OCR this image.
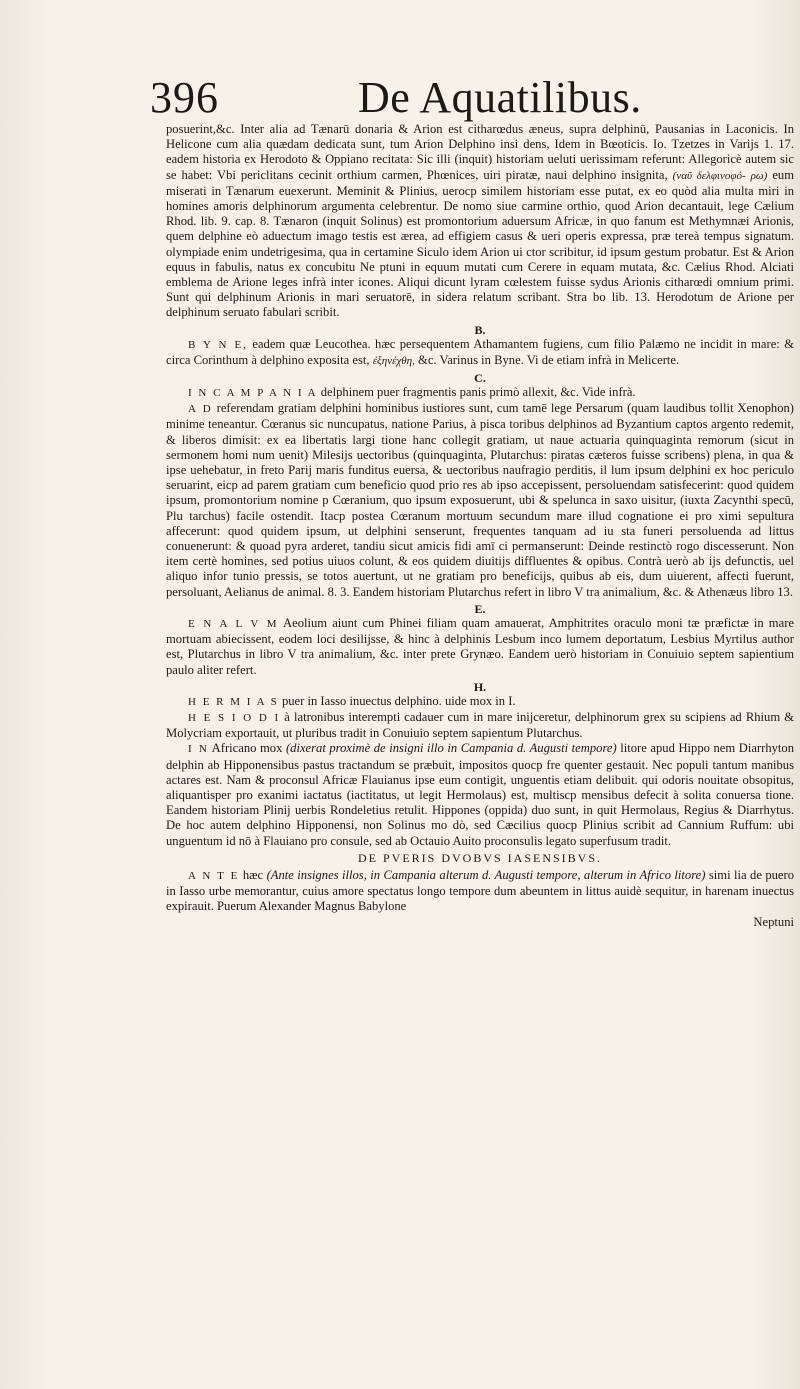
396	De Aquatilibus.

posuerint,&c. Inter alia ad Tænarū donaria & Arion est citharœdus æneus, supra delphinū, Pausanias in Laconicis. In Helicone cum alia quædam dedicata sunt, tum Arion Delphino insi dens, Idem in Bœoticis. Io. Tzetzes in Varijs 1. 17. eadem historia ex Herodoto & Oppiano recitata: Sic illi (inquit) historiam ueluti uerissimam referunt: Allegoricè autem sic se habet: Vbi periclitans cecinit orthium carmen, Phœnices, uiri piratæ, naui delphino insignita, (ναῦ δελφινοφό- ρω) eum miserati in Tænarum euexerunt. Meminit & Plinius, uerocp similem historiam esse putat, ex eo quòd alia multa miri in homines amoris delphinorum argumenta celebrentur. De nomo siue carmine orthio, quod Arion decantauit, lege Cælium Rhod. lib. 9. cap. 8. Tænaron (inquit Solinus) est promontorium aduersum Africæ, in quo fanum est Methymnæi Arionis, quem delphine eò aduectum imago testis est ærea, ad effigiem casus & ueri operis expressa, præ tereà tempus signatum. olympiade enim undetrigesima, qua in certamine Siculo idem Arion ui ctor scribitur, id ipsum gestum probatur. Est & Arion equus in fabulis, natus ex concubitu Ne ptuni in equum mutati cum Cerere in equam mutata, &c. Cælius Rhod. Alciati emblema de Arione leges infrà inter icones. Aliqui dicunt lyram cœlestem fuisse sydus Arionis citharœdi omnium primi. Sunt qui delphinum Arionis in mari seruatorē, in sidera relatum scribant. Stra bo lib. 13. Herodotum de Arione per delphinum seruato fabulari scribit.

B.

B Y N E, eadem quæ Leucothea. hæc persequentem Athamantem fugiens, cum filio Palæmo ne incidit in mare: & circa Corinthum à delphino exposita est, ἐξηνέχθη, &c. Varinus in Byne. Vi de etiam infrà in Melicerte.

C.

I N C A M P A N I A delphinem puer fragmentis panis primò allexit, &c. Vide infrà.

A D referendam gratiam delphini hominibus iustiores sunt, cum tamē lege Persarum (quam laudibus tollit Xenophon) minime teneantur. Cœranus sic nuncupatus, natione Parius, à pisca toribus delphinos ad Byzantium captos argento redemit, & liberos dimisit: ex ea libertatis largi tione hanc collegit gratiam, ut naue actuaria quinquaginta remorum (sicut in sermonem homi num uenit) Milesijs uectoribus (quinquaginta, Plutarchus: piratas cæteros fuisse scribens) plena, in qua & ipse uehebatur, in freto Parij maris funditus euersa, & uectoribus naufragio perditis, il lum ipsum delphini ex hoc periculo seruarint, eicp ad parem gratiam cum beneficio quod prio res ab ipso accepissent, persoluendam satisfecerint: quod quidem ipsum, promontorium nomine p Cœranium, quo ipsum exposuerunt, ubi & spelunca in saxo uisitur, (iuxta Zacynthi specū, Plu tarchus) facile ostendit. Itacp postea Cœranum mortuum secundum mare illud cognatione ei pro ximi sepultura affecerunt: quod quidem ipsum, ut delphini senserunt, frequentes tanquam ad iu sta funeri persoluenda ad littus conuenerunt: & quoad pyra arderet, tandiu sicut amicis fidi amī ci permanserunt: Deinde restinctò rogo discesserunt. Non item certè homines, sed potius uiuos colunt, & eos quidem diuitijs diffluentes & opibus. Contrà uerò ab ijs defunctis, uel aliquo infor tunio pressis, se totos auertunt, ut ne gratiam pro beneficijs, quibus ab eis, dum uiuerent, affecti fuerunt, persoluant, Aelianus de animal. 8. 3. Eandem historiam Plutarchus refert in libro V tra animalium, &c. & Athenæus libro 13.

E.

E N A L V M Aeolium aiunt cum Phinei filiam quam amauerat, Amphitrites oraculo moni tæ præfictæ in mare mortuam abiecissent, eodem loci desilijsse, & hinc à delphinis Lesbum inco lumem deportatum, Lesbius Myrtilus author est, Plutarchus in libro V tra animalium, &c. inter prete Grynæo. Eandem uerò historiam in Conuiuio septem sapientium paulo aliter refert.

H.

H E R M I A S puer in Iasso inuectus delphino. uide mox in I.

H E S I O D I à latronibus interempti cadauer cum in mare inijceretur, delphinorum grex su scipiens ad Rhium & Molycriam exportauit, ut pluribus tradit in Conuiuio septem sapientum Plutarchus.

I N Africano mox (dixerat proximè de insigni illo in Campania d. Augusti tempore) litore apud Hippo nem Diarrhyton delphin ab Hipponensibus pastus tractandum se præbuit, impositos quocp fre quenter gestauit. Nec populi tantum manibus actares est. Nam & proconsul Africæ Flauianus ipse eum contigit, unguentis etiam delibuit. qui odoris nouitate obsopitus, aliquantisper pro exanimi iactatus (iactitatus, ut legit Hermolaus) est, multiscp mensibus defecit à solita conuersa tione. Eandem historiam Plinij uerbis Rondeletius retulit. Hippones (oppida) duo sunt, in quit Hermolaus, Regius & Diarrhytus. De hoc autem delphino Hipponensi, non Solinus mo dò, sed Cæcilius quocp Plinius scribit ad Cannium Ruffum: ubi unguentum id nō à Flauiano pro consule, sed ab Octauio Auito proconsulis legato superfusum tradit.

DE PVERIS DVOBVS IASENSIBVS.

A N T E hæc (Ante insignes illos, in Campania alterum d. Augusti tempore, alterum in Africo litore) simi lia de puero in Iasso urbe memorantur, cuius amore spectatus longo tempore dum abeuntem in littus auidè sequitur, in harenam inuectus expirauit. Puerum Alexander Magnus Babylone

Neptuni
